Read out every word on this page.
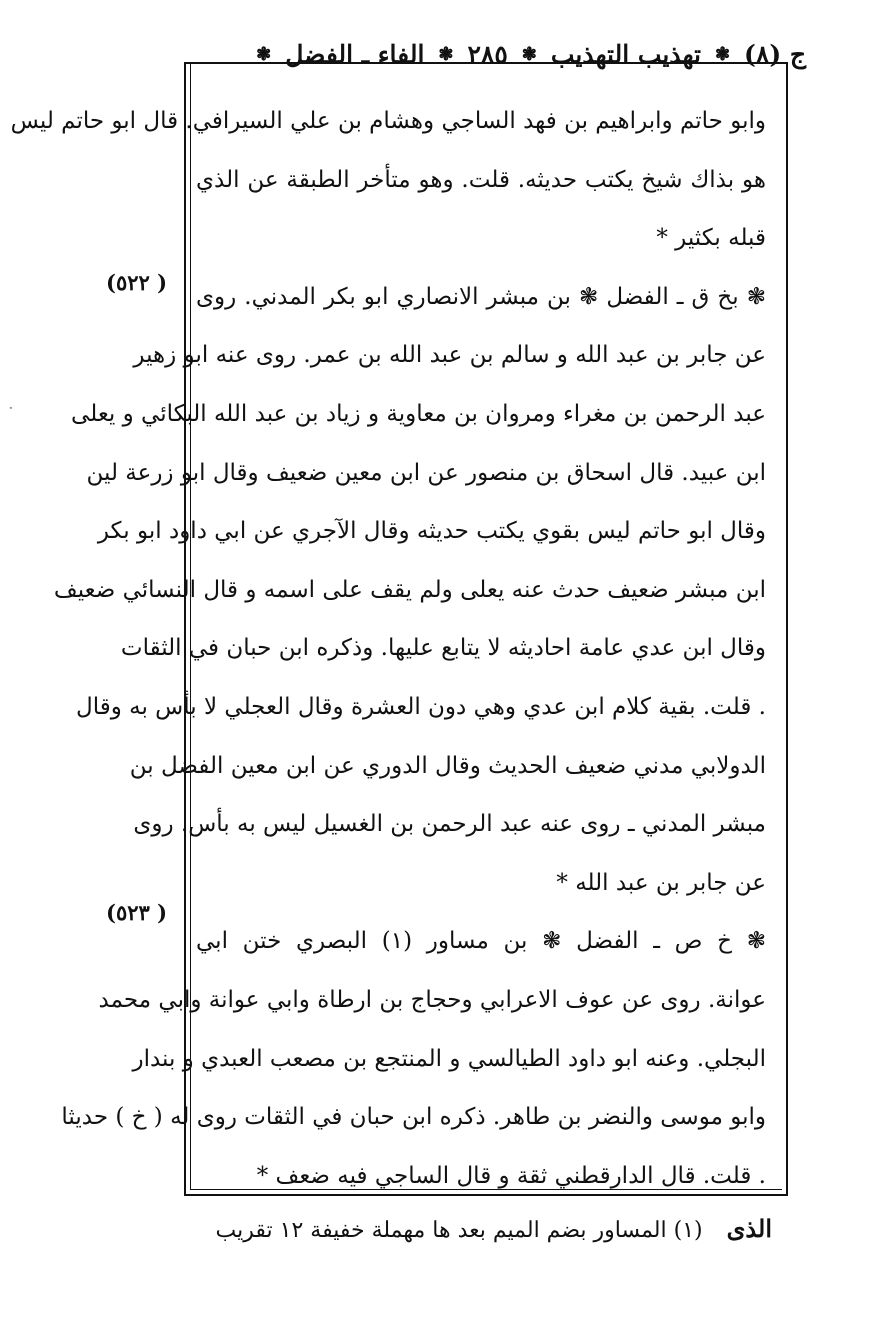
ج (٨)
❃
تهذيب التهذيب
❃
٢٨٥
❃
الفاء ـ الفضل
❃
( ٥٢٢)
( ٥٢٣)
وابو حاتم وابراهيم بن فهد الساجي وهشام بن علي السيرافي. قال ابو حاتم ليس
هو بذاك شيخ يكتب حديثه. قلت. وهو متأخر الطبقة عن الذي
قبله بكثير *
❃ بخ ق ـ الفضل ❃ بن مبشر الانصاري ابو بكر المدني. روى
عن جابر بن عبد الله و سالم بن عبد الله بن عمر. روى عنه ابو زهير
عبد الرحمن بن مغراء ومروان بن معاوية و زياد بن عبد الله البكائي و يعلى
ابن عبيد. قال اسحاق بن منصور عن ابن معين ضعيف وقال ابو زرعة لين
وقال ابو حاتم ليس بقوي يكتب حديثه وقال الآجري عن ابي داود ابو بكر
ابن مبشر ضعيف حدث عنه يعلى ولم يقف على اسمه و قال النسائي ضعيف
وقال ابن عدي عامة احاديثه لا يتابع عليها. وذكره ابن حبان في الثقات
. قلت. بقية كلام ابن عدي وهي دون العشرة وقال العجلي لا بأس به وقال
الدولابي مدني ضعيف الحديث وقال الدوري عن ابن معين الفضل بن
مبشر المدني ـ روى عنه عبد الرحمن بن الغسيل ليس به بأس. روى
عن جابر بن عبد الله *
❃ خ ص ـ الفضل ❃ بن مساور (١) البصري ختن ابي
عوانة. روى عن عوف الاعرابي وحجاج بن ارطاة وابي عوانة وابي محمد
البجلي. وعنه ابو داود الطيالسي و المنتجع بن مصعب العبدي و بندار
وابو موسى والنضر بن طاهر. ذكره ابن حبان في الثقات روى له ( خ ) حديثا
. قلت. قال الدارقطني ثقة و قال الساجي فيه ضعف *
الذى
(١) المساور بضم الميم بعد ها مهملة خفيفة ١٢ تقريب
·
